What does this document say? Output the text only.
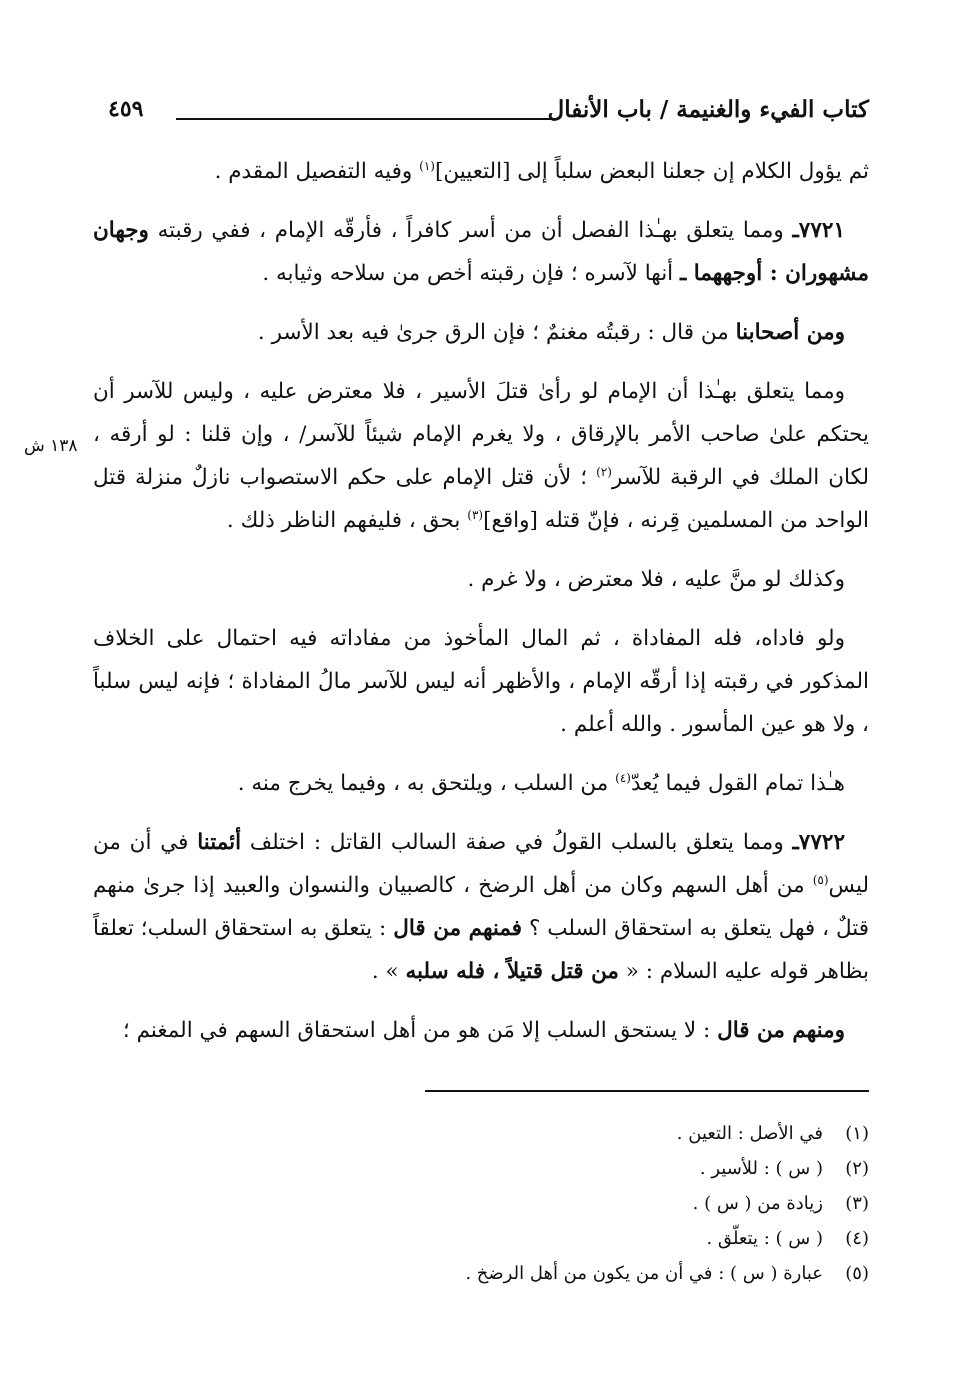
كتاب الفيء والغنيمة / باب الأنفال
٤٥٩
١٣٨ ش

ثم يؤول الكلام إن جعلنا البعض سلباً إلى [التعيين]$^{(١)}$ وفيه التفصيل المقدم .

٧٧٢١ـ ومما يتعلق بهـٰذا الفصل أن من أسر كافراً ، فأرقّه الإمام ، ففي رقبته وجهان مشهوران : أوجههما ـ أنها لآسره ؛ فإن رقبته أخص من سلاحه وثيابه .

ومن أصحابنا من قال : رقبتُه مغنمٌ ؛ فإن الرق جرىٰ فيه بعد الأسر .

ومما يتعلق بهـٰذا أن الإمام لو رأىٰ قتلَ الأسير ، فلا معترض عليه ، وليس للآسر أن يحتكم علىٰ صاحب الأمر بالإرقاق ، ولا يغرم الإمام شيئاً للآسر/ ، وإن قلنا : لو أرقه ، لكان الملك في الرقبة للآسر$^{(٢)}$ ؛ لأن قتل الإمام على حكم الاستصواب نازلٌ منزلة قتل الواحد من المسلمين قِرنه ، فإنّ قتله [واقع]$^{(٣)}$ بحق ، فليفهم الناظر ذلك .

وكذلك لو منَّ عليه ، فلا معترض ، ولا غرم .

ولو فاداه، فله المفاداة ، ثم المال المأخوذ من مفاداته فيه احتمال على الخلاف المذكور في رقبته إذا أرقّه الإمام ، والأظهر أنه ليس للآسر مالُ المفاداة ؛ فإنه ليس سلباً ، ولا هو عين المأسور . والله أعلم .

هـٰذا تمام القول فيما يُعدّ$^{(٤)}$ من السلب ، ويلتحق به ، وفيما يخرج منه .

٧٧٢٢ـ ومما يتعلق بالسلب القولُ في صفة السالب القاتل : اختلف أئمتنا في أن من ليس$^{(٥)}$ من أهل السهم وكان من أهل الرضخ ، كالصبيان والنسوان والعبيد إذا جرىٰ منهم قتلٌ ، فهل يتعلق به استحقاق السلب ؟ فمنهم من قال : يتعلق به استحقاق السلب؛ تعلقاً بظاهر قوله عليه السلام : « من قتل قتيلاً ، فله سلبه » .

ومنهم من قال : لا يستحق السلب إلا مَن هو من أهل استحقاق السهم في المغنم ؛

(١)
في الأصل : التعين .
(٢)
( س ) : للأسير .
(٣)
زيادة من ( س ) .
(٤)
( س ) : يتعلّق .
(٥)
عبارة ( س ) : في أن من يكون من أهل الرضخ .
